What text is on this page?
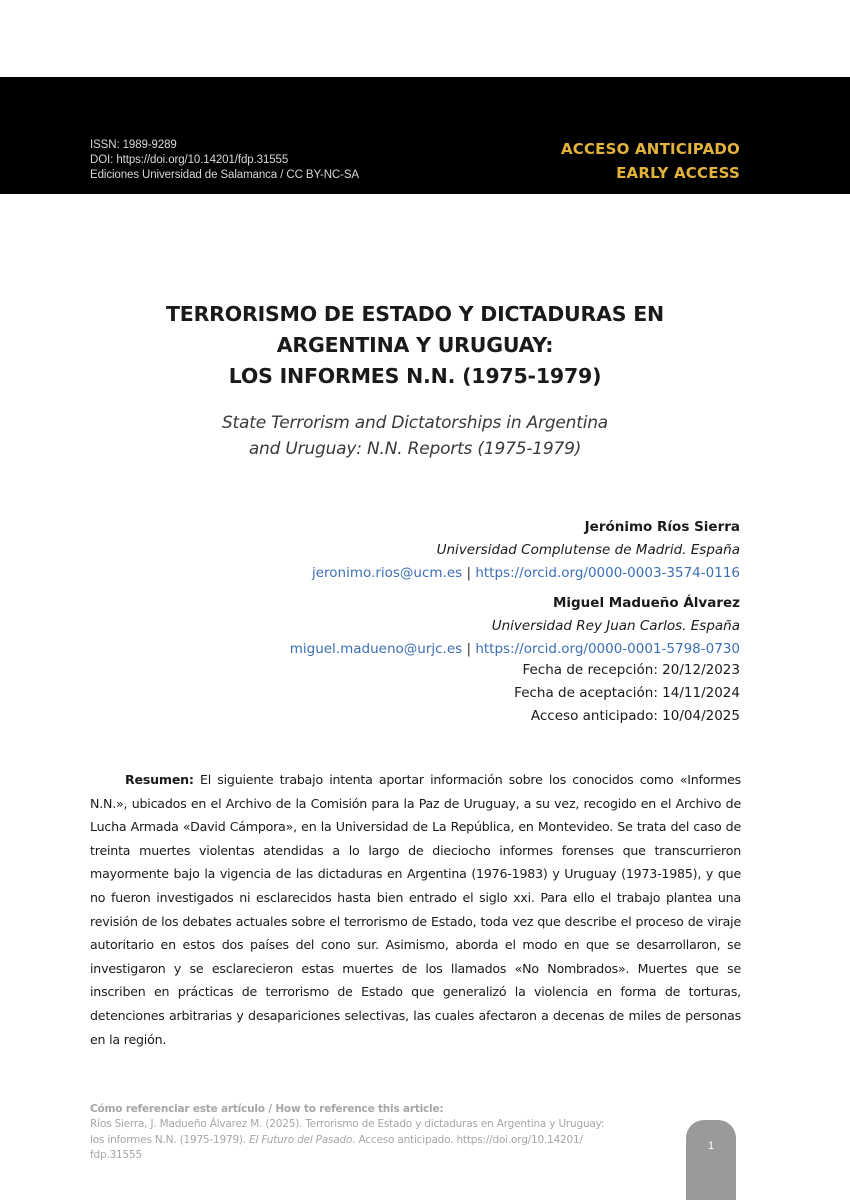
ISSN: 1989-9289
DOI: https://doi.org/10.14201/fdp.31555
Ediciones Universidad de Salamanca / CC BY-NC-SA
ACCESO ANTICIPADO
EARLY ACCESS
TERRORISMO DE ESTADO Y DICTADURAS EN
ARGENTINA Y URUGUAY:
LOS INFORMES N.N. (1975-1979)
State Terrorism and Dictatorships in Argentina
and Uruguay: N.N. Reports (1975-1979)
Jerónimo Ríos Sierra
Universidad Complutense de Madrid. España
jeronimo.rios@ucm.es | https://orcid.org/0000-0003-3574-0116
Miguel Madueño Álvarez
Universidad Rey Juan Carlos. España
miguel.madueno@urjc.es | https://orcid.org/0000-0001-5798-0730
Fecha de recepción: 20/12/2023
Fecha de aceptación: 14/11/2024
Acceso anticipado: 10/04/2025
Resumen: El siguiente trabajo intenta aportar información sobre los conocidos como «Informes N.N.», ubicados en el Archivo de la Comisión para la Paz de Uruguay, a su vez, recogido en el Archivo de Lucha Armada «David Cámpora», en la Universidad de La República, en Montevideo. Se trata del caso de treinta muertes violentas atendidas a lo largo de dieciocho informes forenses que transcurrieron mayormente bajo la vigencia de las dictaduras en Argentina (1976-1983) y Uruguay (1973-1985), y que no fueron investigados ni esclarecidos hasta bien entrado el siglo xxi. Para ello el trabajo plantea una revisión de los debates actuales sobre el terrorismo de Estado, toda vez que describe el proceso de viraje autoritario en estos dos países del cono sur. Asimismo, aborda el modo en que se desarrollaron, se investigaron y se esclarecieron estas muertes de los llamados «No Nombrados». Muertes que se inscriben en prácticas de terrorismo de Estado que generalizó la violencia en forma de torturas, detenciones arbitrarias y desapariciones selectivas, las cuales afectaron a decenas de miles de personas en la región.
Cómo referenciar este artículo / How to reference this article:
Ríos Sierra, J. Madueño Álvarez M. (2025). Terrorismo de Estado y dictaduras en Argentina y Uruguay:
los informes N.N. (1975-1979). El Futuro del Pasado. Acceso anticipado. https://doi.org/10.14201/
fdp.31555
1
